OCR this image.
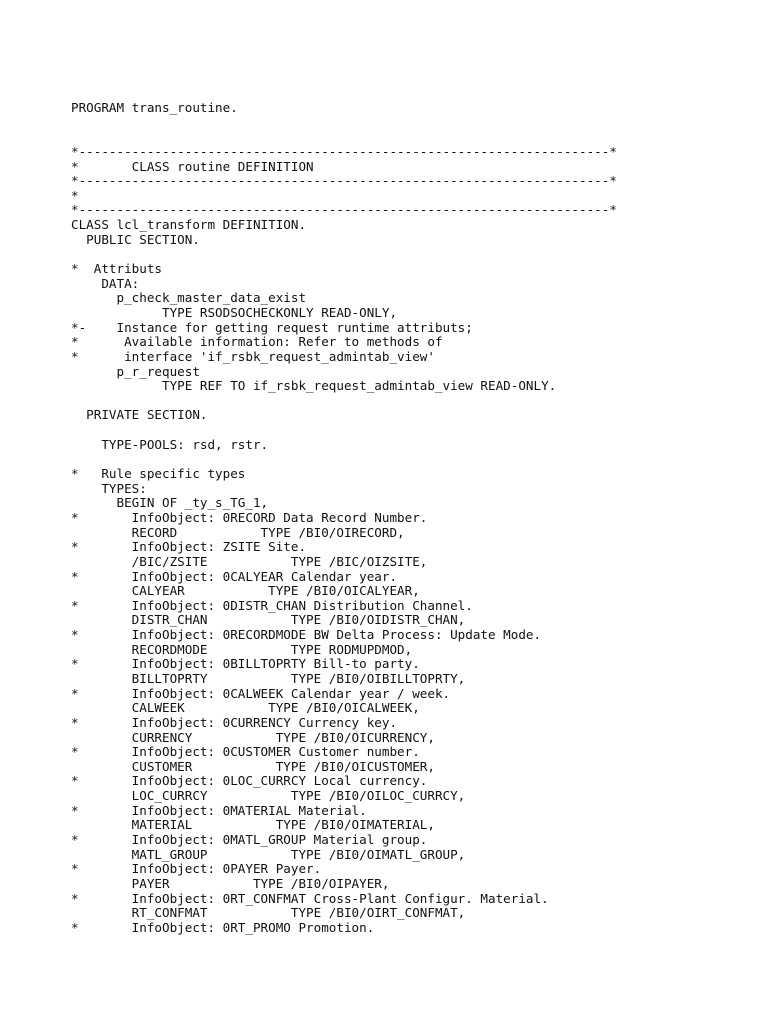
PROGRAM trans_routine.
*----------------------------------------------------------------------*
*       CLASS routine DEFINITION
*----------------------------------------------------------------------*
*
*----------------------------------------------------------------------*
CLASS lcl_transform DEFINITION.
PUBLIC SECTION.
*  Attributs
DATA:
p_check_master_data_exist
TYPE RSODSOCHECKONLY READ-ONLY,
*-    Instance for getting request runtime attributs;
*      Available information: Refer to methods of
*      interface 'if_rsbk_request_admintab_view'
p_r_request
TYPE REF TO if_rsbk_request_admintab_view READ-ONLY.
PRIVATE SECTION.
TYPE-POOLS: rsd, rstr.
*   Rule specific types
TYPES:
BEGIN OF _ty_s_TG_1,
*       InfoObject: 0RECORD Data Record Number.
RECORD           TYPE /BI0/OIRECORD,
*       InfoObject: ZSITE Site.
/BIC/ZSITE           TYPE /BIC/OIZSITE,
*       InfoObject: 0CALYEAR Calendar year.
CALYEAR           TYPE /BI0/OICALYEAR,
*       InfoObject: 0DISTR_CHAN Distribution Channel.
DISTR_CHAN           TYPE /BI0/OIDISTR_CHAN,
*       InfoObject: 0RECORDMODE BW Delta Process: Update Mode.
RECORDMODE           TYPE RODMUPDMOD,
*       InfoObject: 0BILLTOPRTY Bill-to party.
BILLTOPRTY           TYPE /BI0/OIBILLTOPRTY,
*       InfoObject: 0CALWEEK Calendar year / week.
CALWEEK           TYPE /BI0/OICALWEEK,
*       InfoObject: 0CURRENCY Currency key.
CURRENCY           TYPE /BI0/OICURRENCY,
*       InfoObject: 0CUSTOMER Customer number.
CUSTOMER           TYPE /BI0/OICUSTOMER,
*       InfoObject: 0LOC_CURRCY Local currency.
LOC_CURRCY           TYPE /BI0/OILOC_CURRCY,
*       InfoObject: 0MATERIAL Material.
MATERIAL           TYPE /BI0/OIMATERIAL,
*       InfoObject: 0MATL_GROUP Material group.
MATL_GROUP           TYPE /BI0/OIMATL_GROUP,
*       InfoObject: 0PAYER Payer.
PAYER           TYPE /BI0/OIPAYER,
*       InfoObject: 0RT_CONFMAT Cross-Plant Configur. Material.
RT_CONFMAT           TYPE /BI0/OIRT_CONFMAT,
*       InfoObject: 0RT_PROMO Promotion.
